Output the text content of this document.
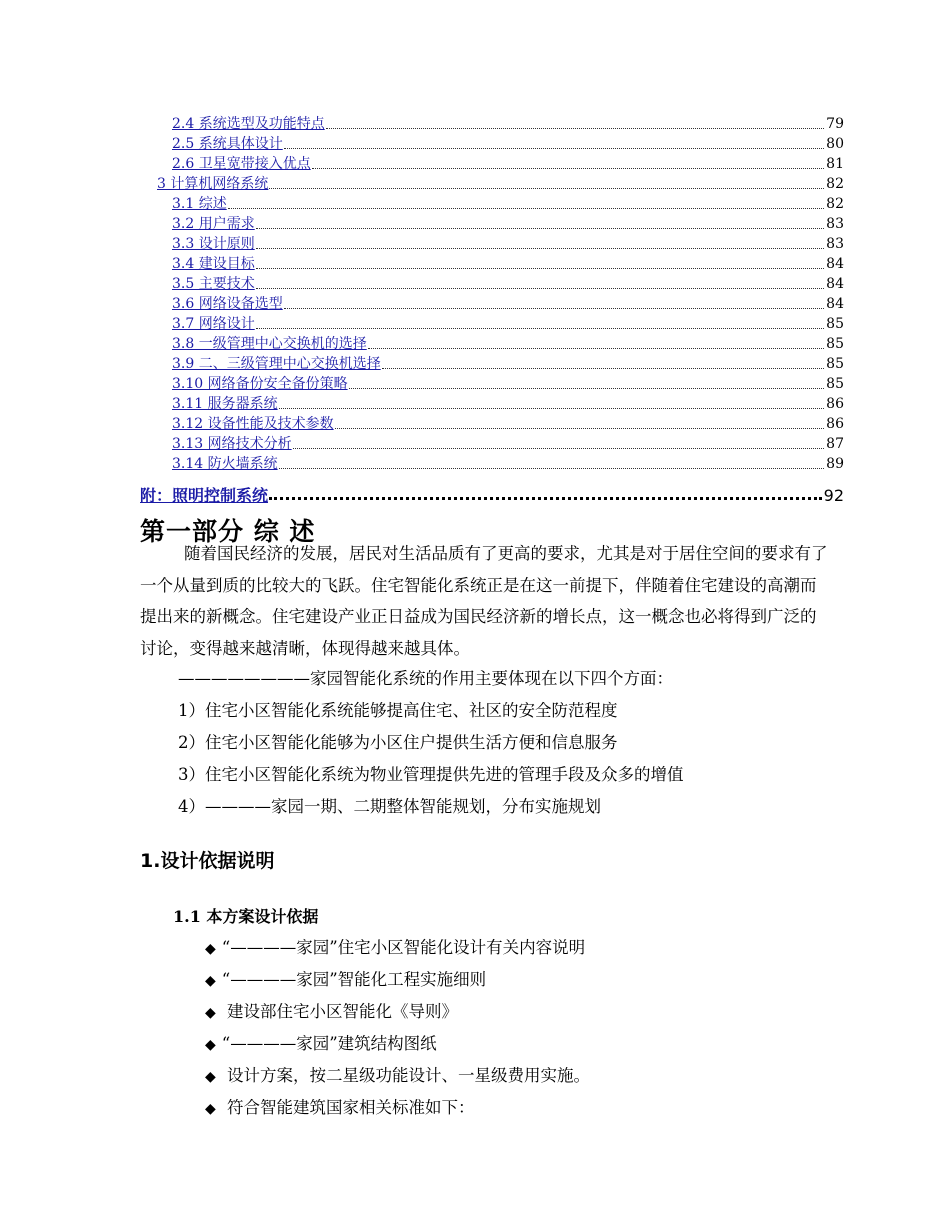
2.4 系统选型及功能特点	79
2.5 系统具体设计	80
2.6 卫星宽带接入优点	81
3 计算机网络系统	82
3.1 综述	82
3.2 用户需求	83
3.3 设计原则	83
3.4 建设目标	84
3.5 主要技术	84
3.6 网络设备选型	84
3.7 网络设计	85
3.8 一级管理中心交换机的选择	85
3.9 二、三级管理中心交换机选择	85
3.10 网络备份安全备份策略	85
3.11 服务器系统	86
3.12 设备性能及技术参数	86
3.13 网络技术分析	87
3.14 防火墙系统	89
附：照明控制系统	92
第一部分 综 述
随着国民经济的发展，居民对生活品质有了更高的要求，尤其是对于居住空间的要求有了一个从量到质的比较大的飞跃。住宅智能化系统正是在这一前提下，伴随着住宅建设的高潮而提出来的新概念。住宅建设产业正日益成为国民经济新的增长点，这一概念也必将得到广泛的讨论，变得越来越清晰，体现得越来越具体。
————————家园智能化系统的作用主要体现在以下四个方面：
1）住宅小区智能化系统能够提高住宅、社区的安全防范程度
2）住宅小区智能化能够为小区住户提供生活方便和信息服务
3）住宅小区智能化系统为物业管理提供先进的管理手段及众多的增值
4）————家园一期、二期整体智能规划，分布实施规划
1.设计依据说明
1.1 本方案设计依据
◆ “————家园”住宅小区智能化设计有关内容说明
◆ “————家园”智能化工程实施细则
◆ 建设部住宅小区智能化《导则》
◆ “————家园”建筑结构图纸
◆ 设计方案，按二星级功能设计、一星级费用实施。
◆ 符合智能建筑国家相关标准如下：
